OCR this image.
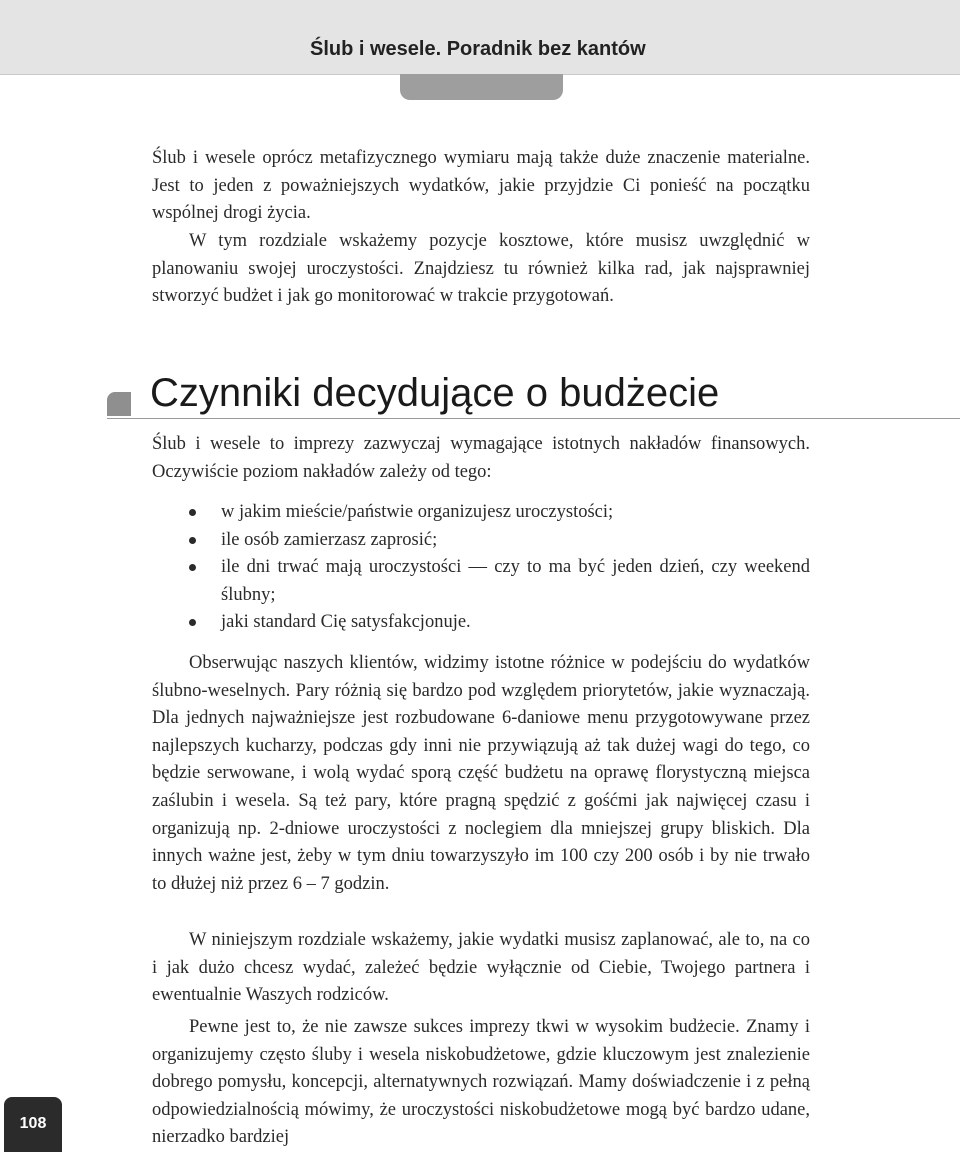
Ślub i wesele. Poradnik bez kantów

Ślub i wesele oprócz metafizycznego wymiaru mają także duże znaczenie materialne. Jest to jeden z poważniejszych wydatków, jakie przyjdzie Ci ponieść na początku wspólnej drogi życia.

W tym rozdziale wskażemy pozycje kosztowe, które musisz uwzględnić w planowaniu swojej uroczystości. Znajdziesz tu również kilka rad, jak najsprawniej stworzyć budżet i jak go monitorować w trakcie przygotowań.

Czynniki decydujące o budżecie

Ślub i wesele to imprezy zazwyczaj wymagające istotnych nakładów finansowych. Oczywiście poziom nakładów zależy od tego:

w jakim mieście/państwie organizujesz uroczystości;
ile osób zamierzasz zaprosić;
ile dni trwać mają uroczystości — czy to ma być jeden dzień, czy weekend ślubny;
jaki standard Cię satysfakcjonuje.

Obserwując naszych klientów, widzimy istotne różnice w podejściu do wydatków ślubno-weselnych. Pary różnią się bardzo pod względem priorytetów, jakie wyznaczają. Dla jednych najważniejsze jest rozbudowane 6-daniowe menu przygotowywane przez najlepszych kucharzy, podczas gdy inni nie przywiązują aż tak dużej wagi do tego, co będzie serwowane, i wolą wydać sporą część budżetu na oprawę florystyczną miejsca zaślubin i wesela. Są też pary, które pragną spędzić z gośćmi jak najwięcej czasu i organizują np. 2-dniowe uroczystości z noclegiem dla mniejszej grupy bliskich. Dla innych ważne jest, żeby w tym dniu towarzyszyło im 100 czy 200 osób i by nie trwało to dłużej niż przez 6 – 7 godzin.

W niniejszym rozdziale wskażemy, jakie wydatki musisz zaplanować, ale to, na co i jak dużo chcesz wydać, zależeć będzie wyłącznie od Ciebie, Twojego partnera i ewentualnie Waszych rodziców.

Pewne jest to, że nie zawsze sukces imprezy tkwi w wysokim budżecie. Znamy i organizujemy często śluby i wesela niskobudżetowe, gdzie kluczowym jest znalezienie dobrego pomysłu, koncepcji, alternatywnych rozwiązań. Mamy doświadczenie i z pełną odpowiedzialnością mówimy, że uroczystości niskobudżetowe mogą być bardzo udane, nierzadko bardziej

108
